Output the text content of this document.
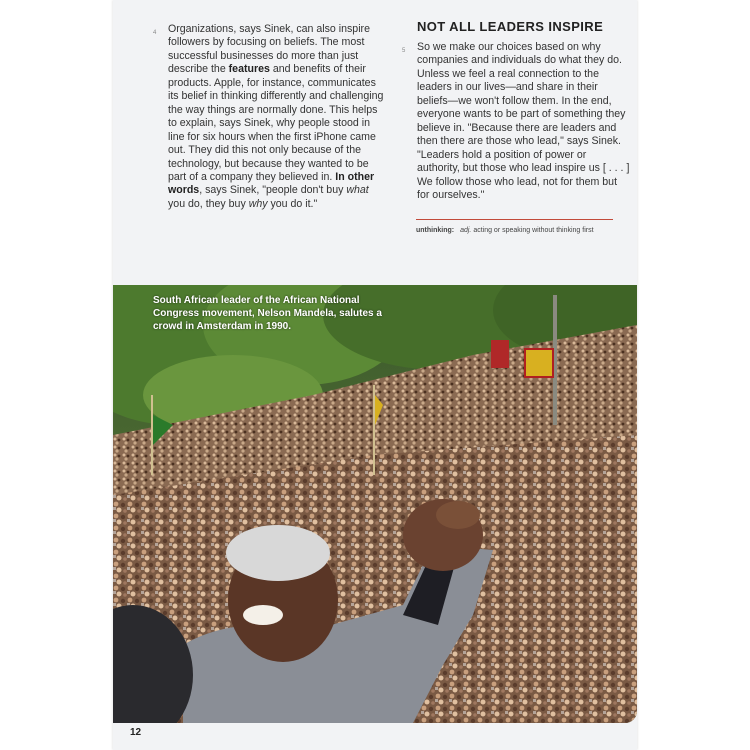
4 Organizations, says Sinek, can also inspire followers by focusing on beliefs. The most successful businesses do more than just describe the features and benefits of their products. Apple, for instance, communicates its belief in thinking differently and challenging the way things are normally done. This helps to explain, says Sinek, why people stood in line for six hours when the first iPhone came out. They did this not only because of the technology, but because they wanted to be part of a company they believed in. In other words, says Sinek, "people don't buy what you do, they buy why you do it."
NOT ALL LEADERS INSPIRE
5 So we make our choices based on why companies and individuals do what they do. Unless we feel a real connection to the leaders in our lives—and share in their beliefs—we won't follow them. In the end, everyone wants to be part of something they believe in. "Because there are leaders and then there are those who lead," says Sinek. "Leaders hold a position of power or authority, but those who lead inspire us [ . . . ] We follow those who lead, not for them but for ourselves."
unthinking: adj. acting or speaking without thinking first
South African leader of the African National Congress movement, Nelson Mandela, salutes a crowd in Amsterdam in 1990.
12
